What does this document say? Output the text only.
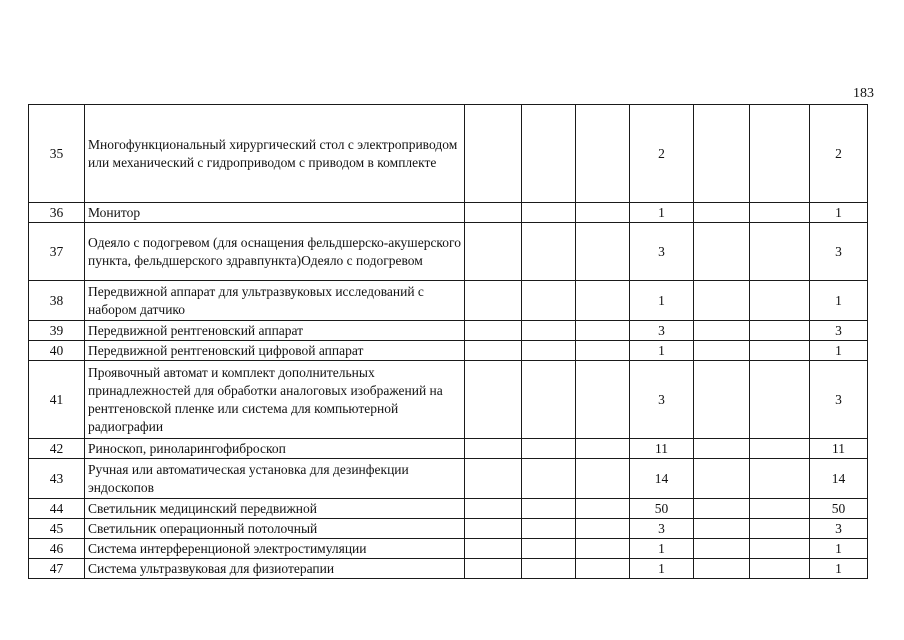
183
35	Многофункциональный хирургический стол с электроприводом или механический с гидроприводом с приводом в комплекте				2			2
36	Монитор				1			1
37	Одеяло с подогревом (для оснащения фельдшерско-акушерского пункта, фельдшерского здравпункта)Одеяло с подогревом				3			3
38	Передвижной аппарат для ультразвуковых исследований с набором датчико				1			1
39	Передвижной рентгеновский аппарат				3			3
40	Передвижной рентгеновский цифровой аппарат				1			1
41	Проявочный автомат и комплект дополнительных принадлежностей для обработки аналоговых изображений на рентгеновской пленке или система для компьютерной радиографии				3			3
42	Риноскоп, риноларингофиброскоп				11			11
43	Ручная или автоматическая установка для дезинфекции эндоскопов				14			14
44	Светильник медицинский передвижной				50			50
45	Светильник операционный потолочный				3			3
46	Система интерференционой электростимуляции				1			1
47	Система ультразвуковая для физиотерапии				1			1
